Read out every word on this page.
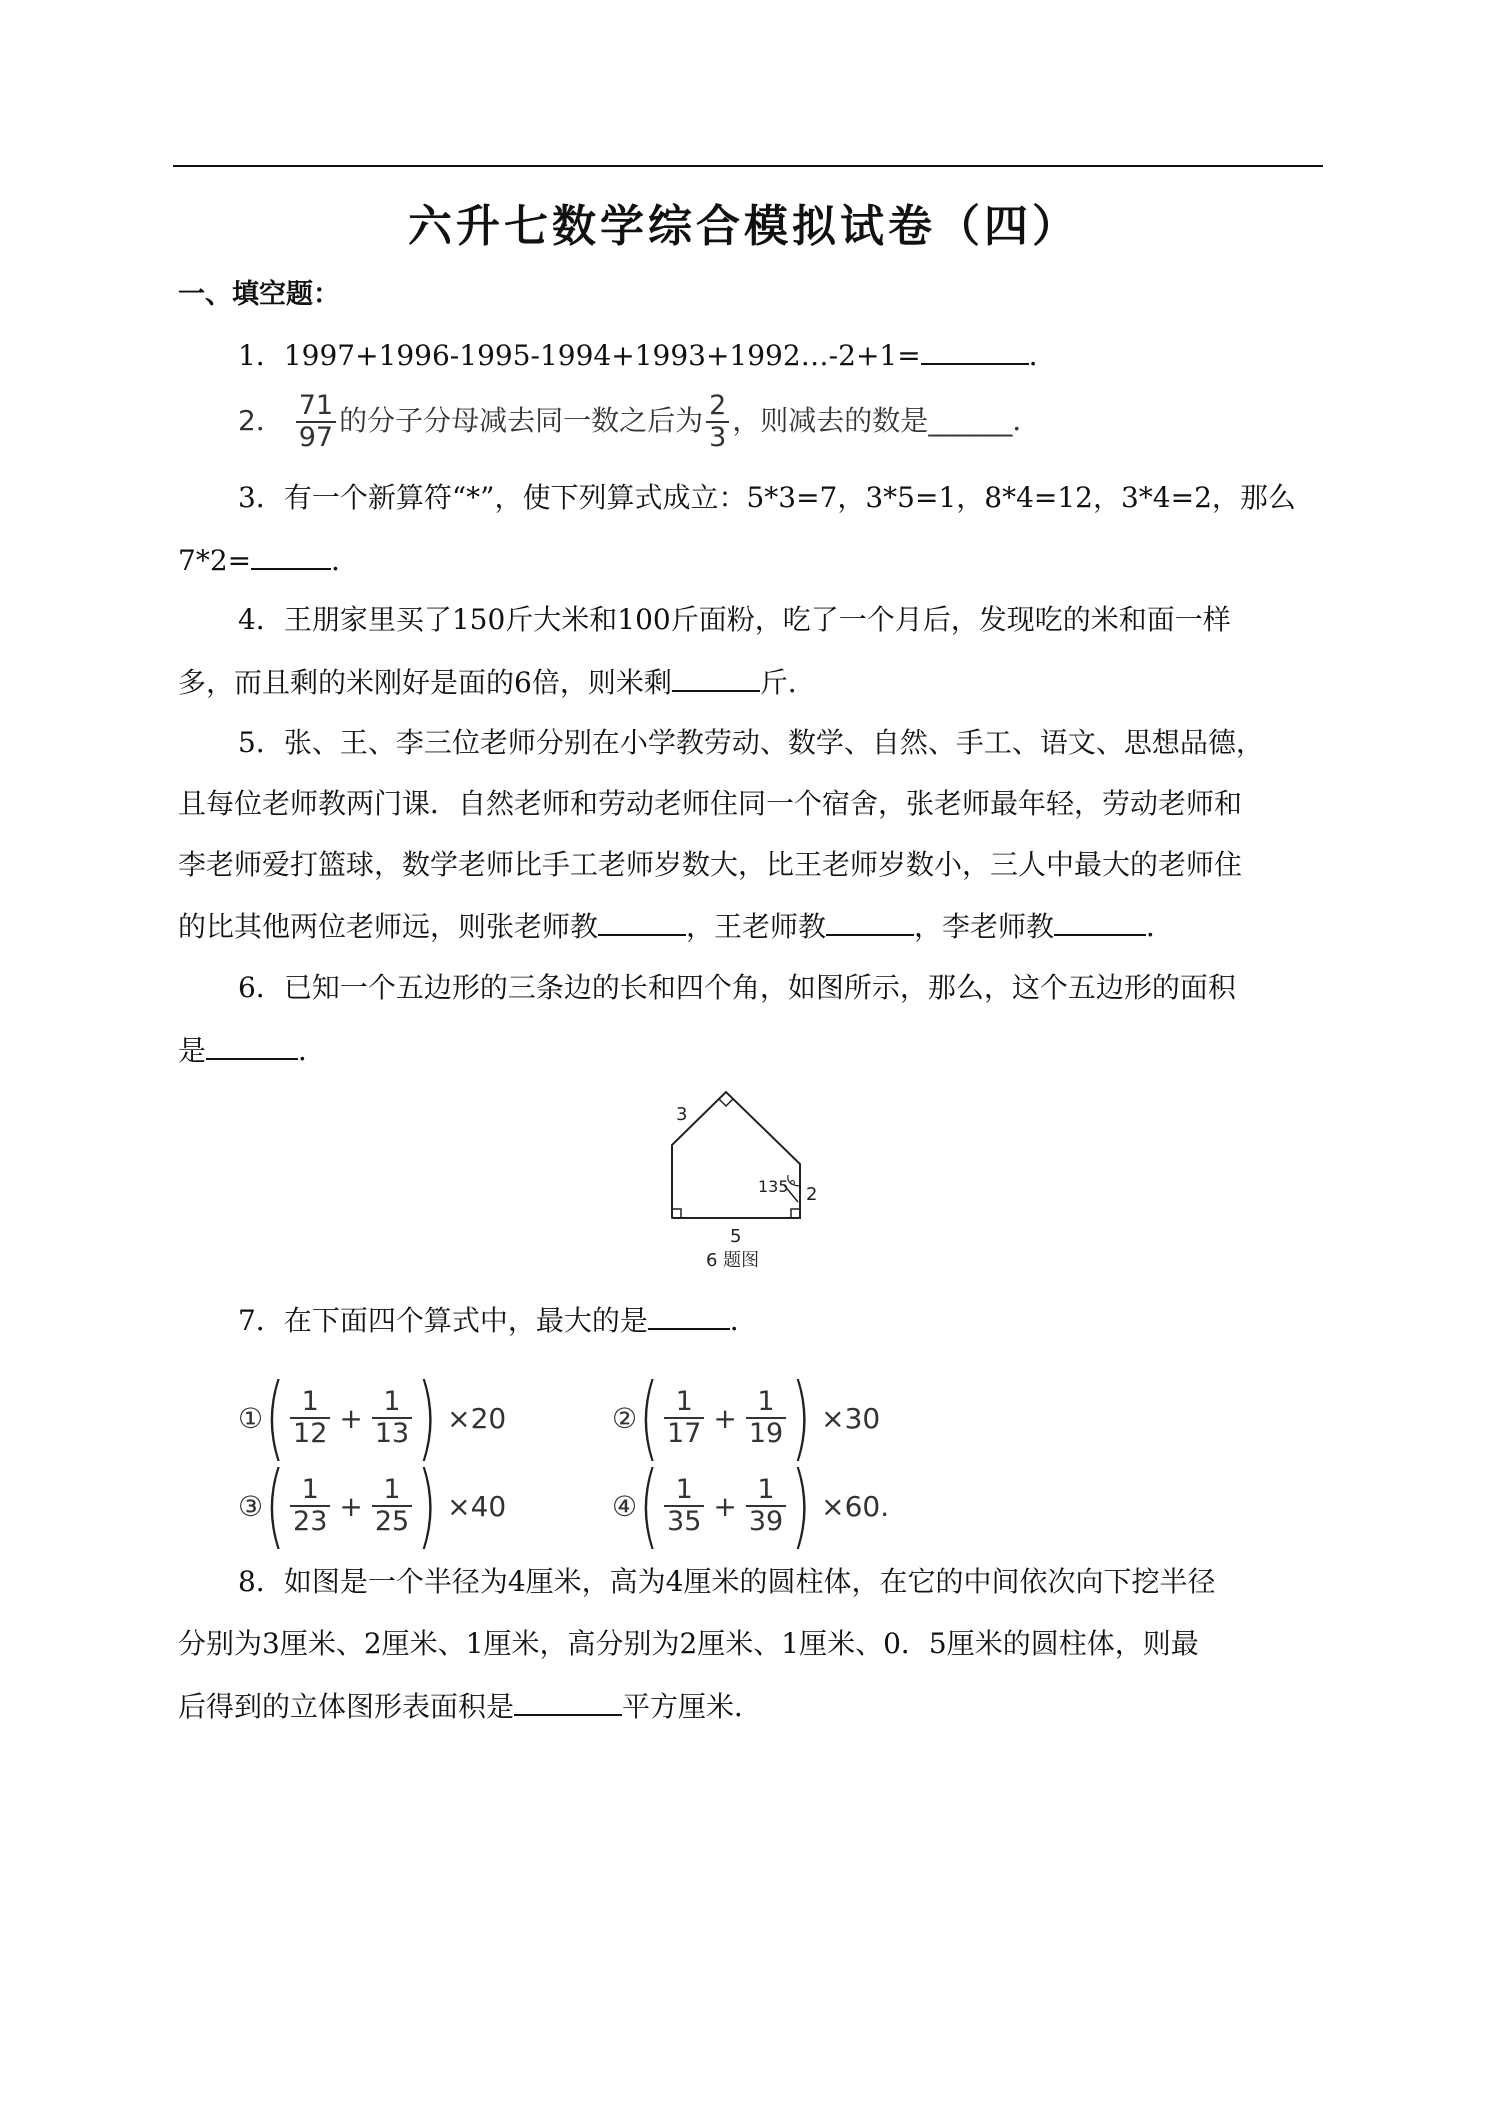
六升七数学综合模拟试卷（四）
一、填空题：
1．1997+1996-1995-1994+1993+1992…-2+1=	．
2． $\frac{71}{97}$ 的分子分母减去同一数之后为 $\frac{2}{3}$ ，则减去的数是______．
3．有一个新算符“*”，使下列算式成立：5*3=7，3*5=1，8*4=12，3*4=2，那么
7*2=	．
4．王朋家里买了150斤大米和100斤面粉，吃了一个月后，发现吃的米和面一样
多，而且剩的米刚好是面的6倍，则米剩	斤．
5．张、王、李三位老师分别在小学教劳动、数学、自然、手工、语文、思想品德，
且每位老师教两门课．自然老师和劳动老师住同一个宿舍，张老师最年轻，劳动老师和
李老师爱打篮球，数学老师比手工老师岁数大，比王老师岁数小，三人中最大的老师住
的比其他两位老师远，则张老师教	，王老师教	，李老师教	．
6．已知一个五边形的三条边的长和四个角，如图所示，那么，这个五边形的面积
是	．
3
135° 2
5
6 题图
7．在下面四个算式中，最大的是	．
① ( $\frac{1}{12} + \frac{1}{13}$ ) × 20	② ( $\frac{1}{17} + \frac{1}{19}$ ) × 30
③ ( $\frac{1}{23} + \frac{1}{25}$ ) × 40	④ ( $\frac{1}{35} + \frac{1}{39}$ ) × 60.
8．如图是一个半径为4厘米，高为4厘米的圆柱体，在它的中间依次向下挖半径
分别为3厘米、2厘米、1厘米，高分别为2厘米、1厘米、0．5厘米的圆柱体，则最
后得到的立体图形表面积是	平方厘米．
